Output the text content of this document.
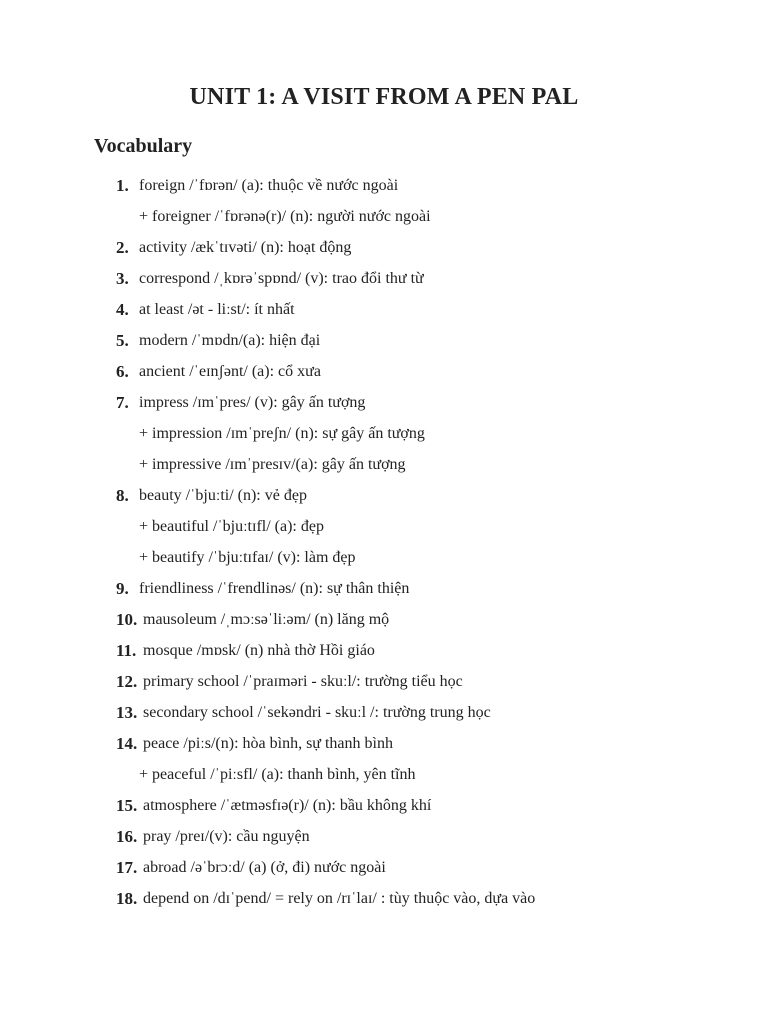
UNIT 1: A VISIT FROM A PEN PAL
Vocabulary
1. foreign /ˈfɒrən/ (a): thuộc về nước ngoài
+ foreigner /ˈfɒrənə(r)/ (n): người nước ngoài
2. activity /ækˈtɪvəti/ (n): hoạt động
3. correspond /ˌkɒrəˈspɒnd/ (v): trao đổi thư từ
4. at least /ət - liːst/: ít nhất
5. modern /ˈmɒdn/(a): hiện đại
6. ancient /ˈeɪnʃənt/ (a): cổ xưa
7. impress /ɪmˈpres/ (v): gây ấn tượng
+ impression /ɪmˈpreʃn/ (n): sự gây ấn tượng
+ impressive /ɪmˈpresɪv/(a): gây ấn tượng
8. beauty /ˈbjuːti/ (n): vẻ đẹp
+ beautiful /ˈbjuːtɪfl/ (a): đẹp
+ beautify /ˈbjuːtɪfaɪ/ (v): làm đẹp
9. friendliness /ˈfrendlinəs/ (n): sự thân thiện
10. mausoleum /ˌmɔːsəˈliːəm/ (n) lăng mộ
11. mosque /mɒsk/ (n) nhà thờ Hồi giáo
12. primary school /ˈpraɪməri - skuːl/: trường tiểu học
13. secondary school /ˈsekəndri - skuːl /: trường trung học
14. peace /piːs/(n): hòa bình, sự thanh bình
+ peaceful /ˈpiːsfl/ (a): thanh bình, yên tĩnh
15. atmosphere /ˈætməsfɪə(r)/ (n): bầu không khí
16. pray /preɪ/(v): cầu nguyện
17. abroad /əˈbrɔːd/ (a) (ở, đi) nước ngoài
18. depend on /dɪˈpend/ = rely on /rɪˈlaɪ/ : tùy thuộc vào, dựa vào
